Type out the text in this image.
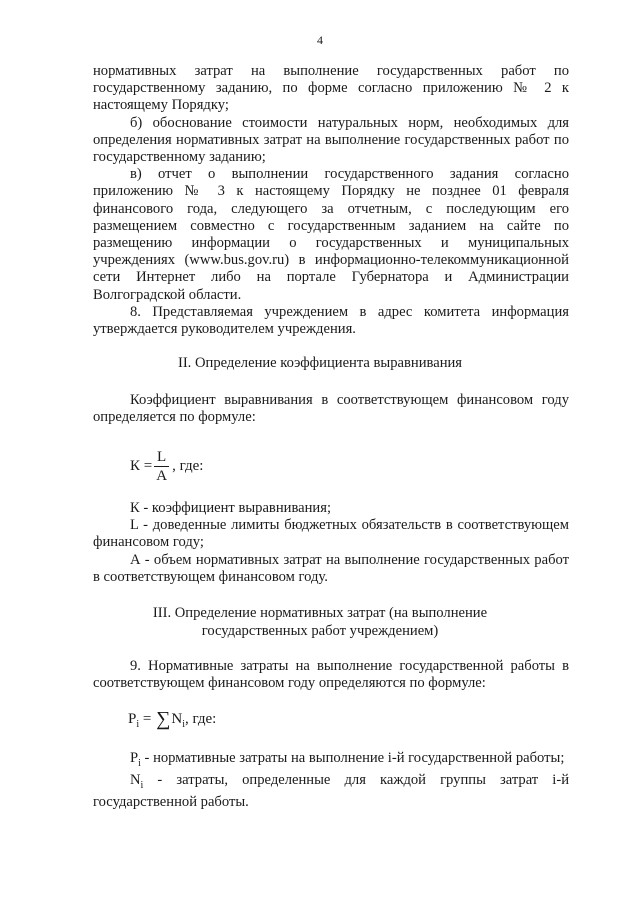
4

нормативных затрат на выполнение государственных работ по государственному заданию, по форме согласно приложению № 2 к настоящему Порядку;

б) обоснование стоимости натуральных норм, необходимых для определения нормативных затрат на выполнение государственных работ по государственному заданию;

в) отчет о выполнении государственного задания согласно приложению № 3 к настоящему Порядку не позднее 01 февраля финансового года, следующего за отчетным, с последующим его размещением совместно с государственным заданием на сайте по размещению информации о государственных и муниципальных учреждениях (www.bus.gov.ru) в информационно-телекоммуникационной сети Интернет либо на портале Губернатора и Администрации Волгоградской области.

8. Представляемая учреждением в адрес комитета информация утверждается руководителем учреждения.

II. Определение коэффициента выравнивания

Коэффициент выравнивания в соответствующем финансовом году определяется по формуле:

$К = \frac{L}{А}$ , где:

К - коэффициент выравнивания;

L - доведенные лимиты бюджетных обязательств в соответствующем финансовом году;

А - объем нормативных затрат на выполнение государственных работ в соответствующем финансовом году.

III. Определение нормативных затрат (на выполнение
государственных работ учреждением)

9. Нормативные затраты на выполнение государственной работы в соответствующем финансовом году определяются по формуле:

$P_i = \sum N_i$, где:

$P_i$ - нормативные затраты на выполнение i-й государственной работы;

$N_i$ - затраты, определенные для каждой группы затрат i-й государственной работы.
